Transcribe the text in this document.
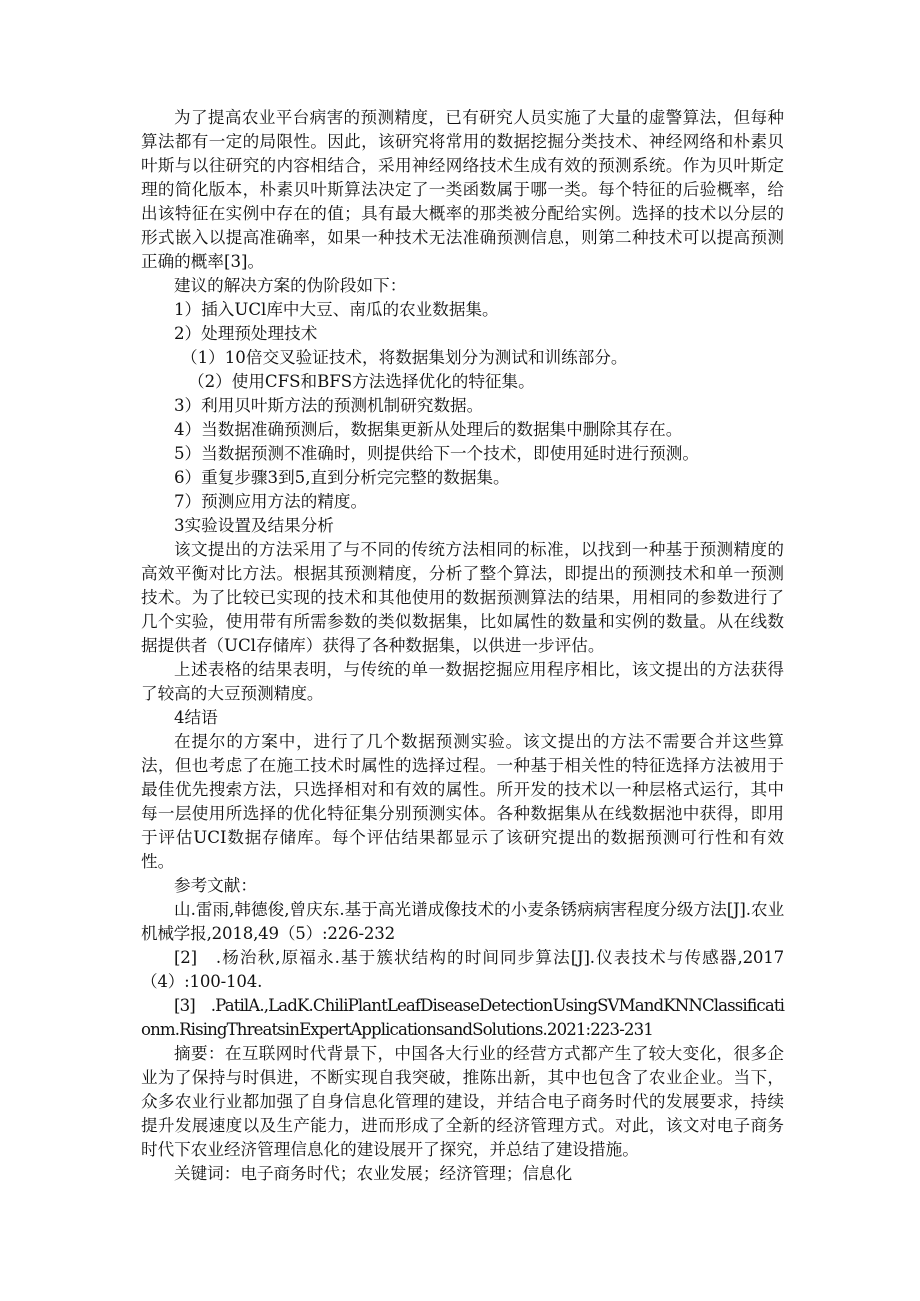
为了提高农业平台病害的预测精度，已有研究人员实施了大量的虚警算法，但每种算法都有一定的局限性。因此，该研究将常用的数据挖掘分类技术、神经网络和朴素贝叶斯与以往研究的内容相结合，采用神经网络技术生成有效的预测系统。作为贝叶斯定理的简化版本，朴素贝叶斯算法决定了一类函数属于哪一类。每个特征的后验概率，给出该特征在实例中存在的值；具有最大概率的那类被分配给实例。选择的技术以分层的形式嵌入以提高准确率，如果一种技术无法准确预测信息，则第二种技术可以提高预测正确的概率[3]。

建议的解决方案的伪阶段如下：

1）插入UCl库中大豆、南瓜的农业数据集。

2）处理预处理技术

（1）10倍交叉验证技术，将数据集划分为测试和训练部分。

（2）使用CFS和BFS方法选择优化的特征集。

3）利用贝叶斯方法的预测机制研究数据。

4）当数据准确预测后，数据集更新从处理后的数据集中删除其存在。

5）当数据预测不准确时，则提供给下一个技术，即使用延时进行预测。

6）重复步骤3到5,直到分析完完整的数据集。

7）预测应用方法的精度。

3实验设置及结果分析

该文提出的方法采用了与不同的传统方法相同的标准，以找到一种基于预测精度的高效平衡对比方法。根据其预测精度，分析了整个算法，即提出的预测技术和单一预测技术。为了比较已实现的技术和其他使用的数据预测算法的结果，用相同的参数进行了几个实验，使用带有所需参数的类似数据集，比如属性的数量和实例的数量。从在线数据提供者（UCl存储库）获得了各种数据集，以供进一步评估。

上述表格的结果表明，与传统的单一数据挖掘应用程序相比，该文提出的方法获得了较高的大豆预测精度。

4结语

在提尔的方案中，进行了几个数据预测实验。该文提出的方法不需要合并这些算法，但也考虑了在施工技术时属性的选择过程。一种基于相关性的特征选择方法被用于最佳优先搜索方法，只选择相对和有效的属性。所开发的技术以一种层格式运行，其中每一层使用所选择的优化特征集分别预测实体。各种数据集从在线数据池中获得，即用于评估UCI数据存储库。每个评估结果都显示了该研究提出的数据预测可行性和有效性。

参考文献：

山.雷雨,韩德俊,曾庆东.基于高光谱成像技术的小麦条锈病病害程度分级方法[J].农业机械学报,2018,49（5）:226-232

[2]　.杨治秋,原福永.基于簇状结构的时间同步算法[J].仪表技术与传感器,2017（4）:100-104.

[3]　.PatilA.,LadK.ChiliPlantLeafDiseaseDetectionUsingSVMandKNNClassificationm.RisingThreatsinExpertApplicationsandSolutions.2021:223-231

摘要：在互联网时代背景下，中国各大行业的经营方式都产生了较大变化，很多企业为了保持与时俱进，不断实现自我突破，推陈出新，其中也包含了农业企业。当下，众多农业行业都加强了自身信息化管理的建设，并结合电子商务时代的发展要求，持续提升发展速度以及生产能力，进而形成了全新的经济管理方式。对此，该文对电子商务时代下农业经济管理信息化的建设展开了探究，并总结了建设措施。

关键词：电子商务时代；农业发展；经济管理；信息化
